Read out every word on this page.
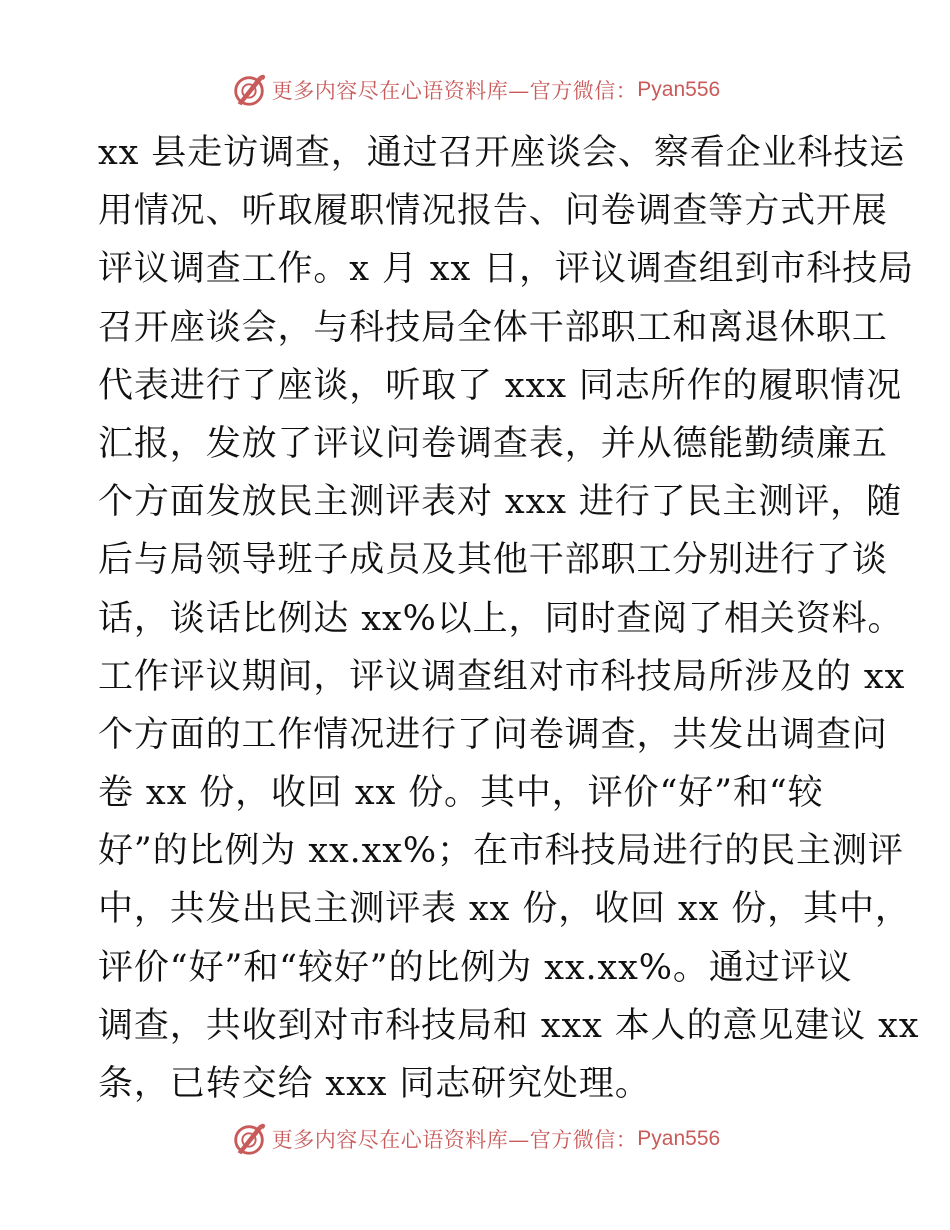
更多内容尽在心语资料库—官方微信： Pyan556
xx 县走访调查，通过召开座谈会、察看企业科技运
用情况、听取履职情况报告、问卷调查等方式开展
评议调查工作。x 月 xx 日，评议调查组到市科技局
召开座谈会，与科技局全体干部职工和离退休职工
代表进行了座谈，听取了 xxx 同志所作的履职情况
汇报，发放了评议问卷调查表，并从德能勤绩廉五
个方面发放民主测评表对 xxx 进行了民主测评，随
后与局领导班子成员及其他干部职工分别进行了谈
话，谈话比例达 xx%以上，同时查阅了相关资料。
工作评议期间，评议调查组对市科技局所涉及的 xx
个方面的工作情况进行了问卷调查，共发出调查问
卷 xx 份，收回 xx 份。其中，评价“好”和“较
好”的比例为 xx.xx%；在市科技局进行的民主测评
中，共发出民主测评表 xx 份，收回 xx 份，其中，
评价“好”和“较好”的比例为 xx.xx%。通过评议
调查，共收到对市科技局和 xxx 本人的意见建议 xx
条，已转交给 xxx 同志研究处理。
更多内容尽在心语资料库—官方微信： Pyan556
